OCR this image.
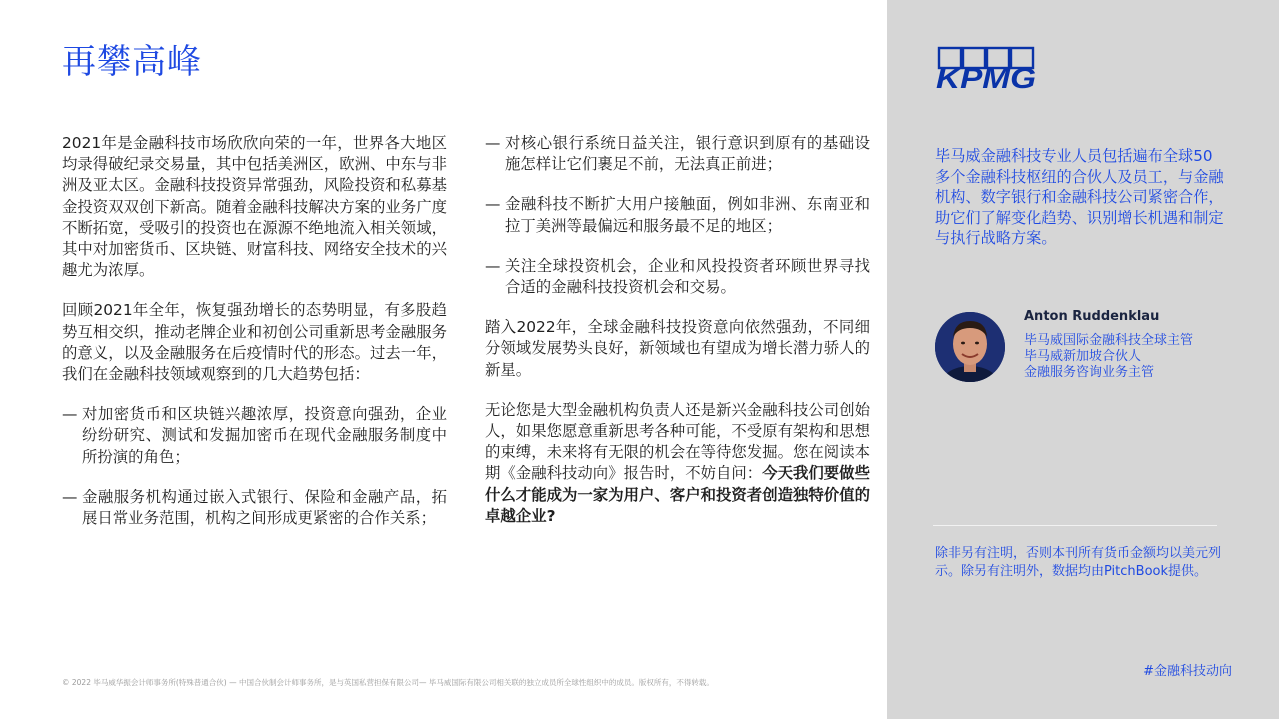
再攀高峰

2021年是金融科技市场欣欣向荣的一年，世界各大地区均录得破纪录交易量，其中包括美洲区，欧洲、中东与非洲及亚太区。金融科技投资异常强劲，风险投资和私募基金投资双双创下新高。随着金融科技解决方案的业务广度不断拓宽，受吸引的投资也在源源不绝地流入相关领域，其中对加密货币、区块链、财富科技、网络安全技术的兴趣尤为浓厚。

回顾2021年全年，恢复强劲增长的态势明显，有多股趋势互相交织，推动老牌企业和初创公司重新思考金融服务的意义，以及金融服务在后疫情时代的形态。过去一年，我们在金融科技领域观察到的几大趋势包括：

— 对加密货币和区块链兴趣浓厚，投资意向强劲，企业纷纷研究、测试和发掘加密币在现代金融服务制度中所扮演的角色；
— 金融服务机构通过嵌入式银行、保险和金融产品，拓展日常业务范围，机构之间形成更紧密的合作关系；
— 对核心银行系统日益关注，银行意识到原有的基础设施怎样让它们裹足不前，无法真正前进；
— 金融科技不断扩大用户接触面，例如非洲、东南亚和拉丁美洲等最偏远和服务最不足的地区；
— 关注全球投资机会，企业和风投投资者环顾世界寻找合适的金融科技投资机会和交易。

踏入2022年，全球金融科技投资意向依然强劲，不同细分领域发展势头良好，新领域也有望成为增长潜力骄人的新星。

无论您是大型金融机构负责人还是新兴金融科技公司创始人，如果您愿意重新思考各种可能，不受原有架构和思想的束缚，未来将有无限的机会在等待您发掘。您在阅读本期《金融科技动向》报告时，不妨自问：今天我们要做些什么才能成为一家为用户、客户和投资者创造独特价值的卓越企业?

© 2022 毕马威华振会计师事务所(特殊普通合伙) — 中国合伙制会计师事务所，是与英国私营担保有限公司— 毕马威国际有限公司相关联的独立成员所全球性组织中的成员。版权所有，不得转载。
KPMG
毕马威金融科技专业人员包括遍布全球50多个金融科技枢纽的合伙人及员工，与金融机构、数字银行和金融科技公司紧密合作，助它们了解变化趋势、识别增长机遇和制定与执行战略方案。
Anton Ruddenklau
毕马威国际金融科技全球主管
毕马威新加坡合伙人
金融服务咨询业务主管
除非另有注明，否则本刊所有货币金额均以美元列示。除另有注明外，数据均由PitchBook提供。
#金融科技动向
